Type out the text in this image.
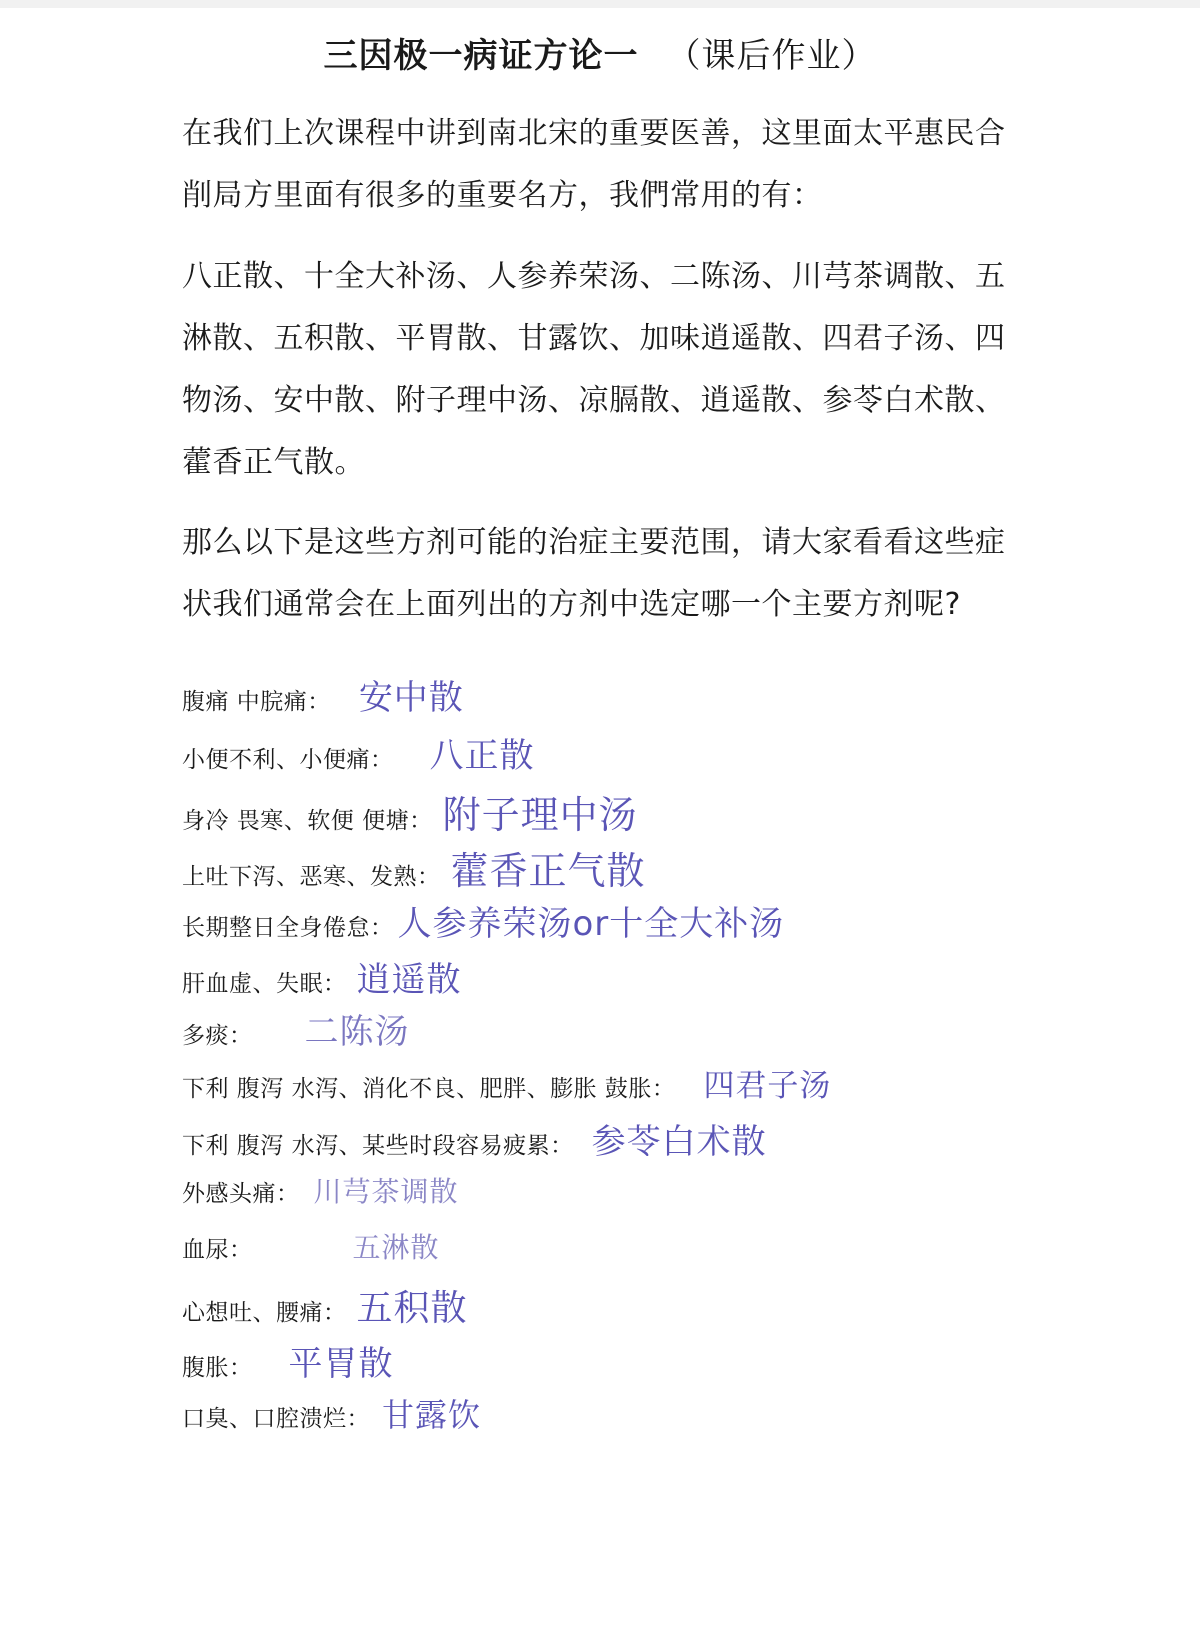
三因极一病证方论一 （课后作业）
在我们上次课程中讲到南北宋的重要医善，这里面太平惠民合
削局方里面有很多的重要名方，我們常用的有：
八正散、十全大补汤、人参养荣汤、二陈汤、川芎茶调散、五
淋散、五积散、平胃散、甘露饮、加味逍遥散、四君子汤、四
物汤、安中散、附子理中汤、凉膈散、逍遥散、参苓白术散、
藿香正气散。
那么以下是这些方剂可能的治症主要范围，请大家看看这些症
状我们通常会在上面列出的方剂中选定哪一个主要方剂呢?
腹痛 中脘痛： 安中散
小便不利、小便痛： 八正散
身冷 畏寒、软便 便塘： 附子理中汤
上吐下泻、恶寒、发熟： 藿香正气散
长期整日全身倦怠： 人参养荣汤or十全大补汤
肝血虚、失眠： 逍遥散
多痰： 二陈汤
下利 腹泻 水泻、消化不良、肥胖、膨胀 鼓胀： 四君子汤
下利 腹泻 水泻、某些时段容易疲累： 参苓白术散
外感头痛： 川芎茶调散
血尿：	五淋散
心想吐、腰痛： 五积散
腹胀： 平胃散
口臭、口腔溃烂： 甘露饮
